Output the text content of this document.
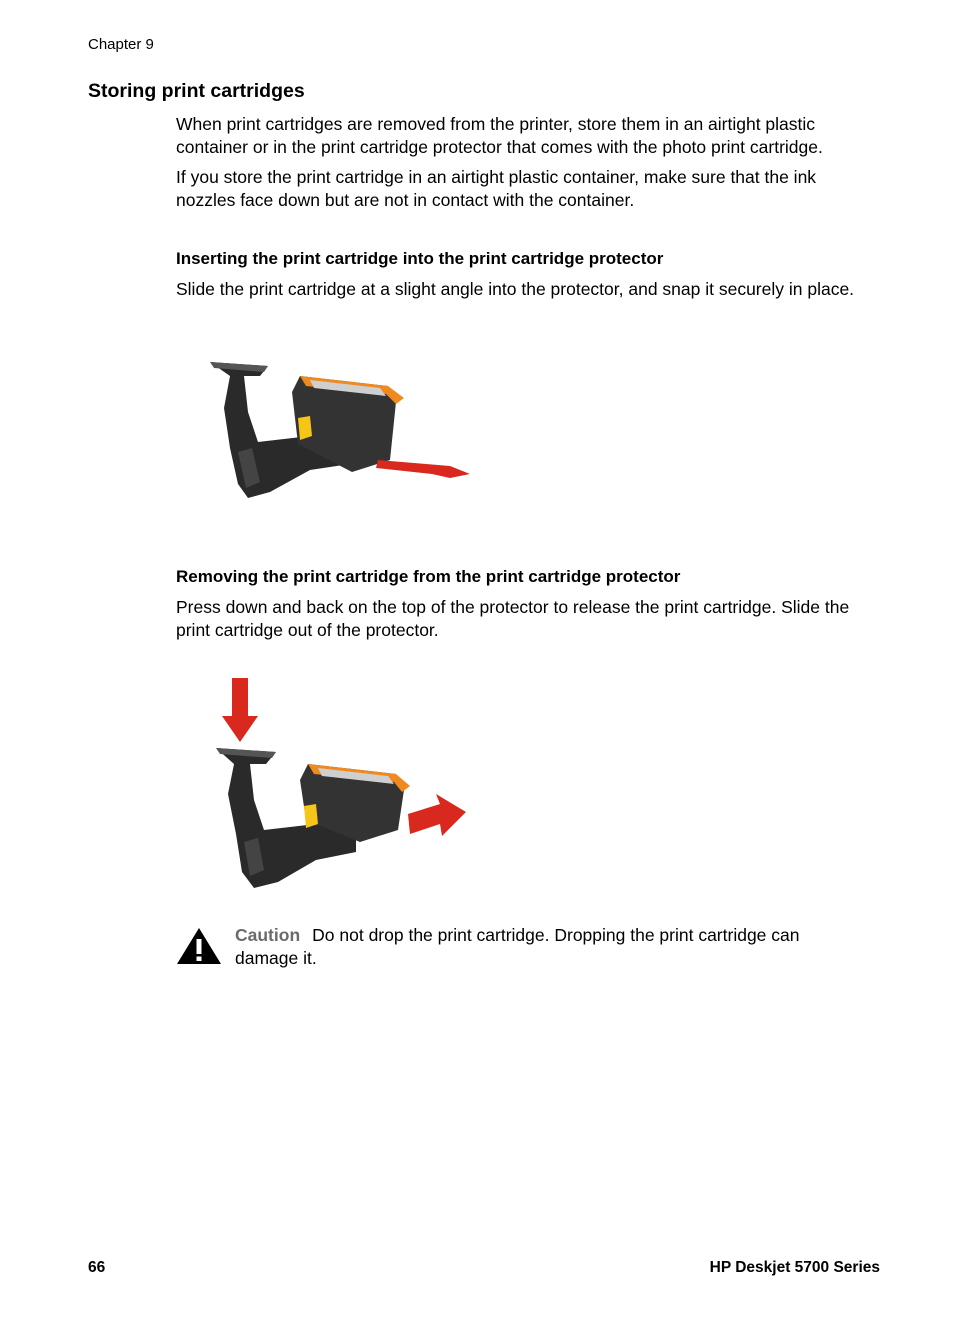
Chapter 9
Storing print cartridges

When print cartridges are removed from the printer, store them in an airtight plastic container or in the print cartridge protector that comes with the photo print cartridge.

If you store the print cartridge in an airtight plastic container, make sure that the ink nozzles face down but are not in contact with the container.

Inserting the print cartridge into the print cartridge protector

Slide the print cartridge at a slight angle into the protector, and snap it securely in place.

Removing the print cartridge from the print cartridge protector

Press down and back on the top of the protector to release the print cartridge. Slide the print cartridge out of the protector.

Caution Do not drop the print cartridge. Dropping the print cartridge can damage it.
66	HP Deskjet 5700 Series
